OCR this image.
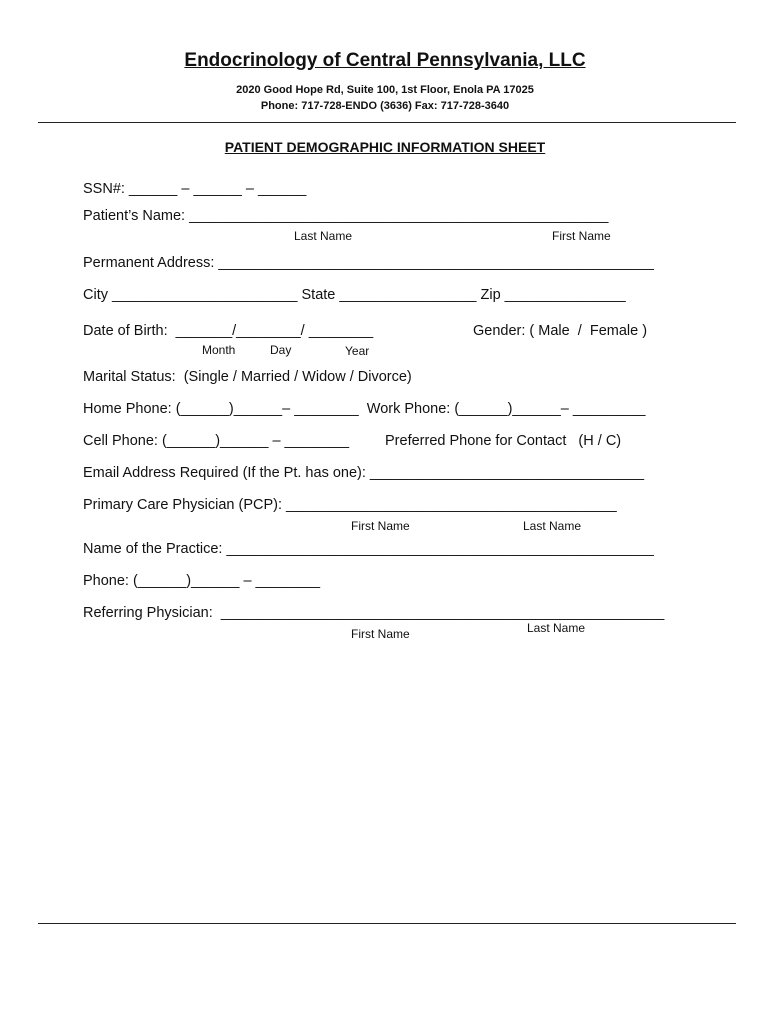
Endocrinology of Central Pennsylvania, LLC
2020 Good Hope Rd, Suite 100, 1st Floor, Enola PA 17025
Phone: 717-728-ENDO (3636) Fax: 717-728-3640
PATIENT DEMOGRAPHIC INFORMATION SHEET
SSN#: ______ – ______ – ______
Patient’s Name: ____________________________________________________
Last Name	First Name
Permanent Address: ______________________________________________________
City _______________________ State _________________ Zip _______________
Date of Birth:  _______/________/ ________	Gender: ( Male  /  Female )
Month	Day	Year
Marital Status:  (Single / Married / Widow / Divorce)
Home Phone: (______)______– ________  Work Phone: (______)______– _________
Cell Phone: (______)______ – ________ Preferred Phone for Contact   (H / C)
Email Address Required (If the Pt. has one): __________________________________
Primary Care Physician (PCP): _________________________________________
First Name	Last Name
Name of the Practice: _____________________________________________________
Phone: (______)______ – ________
Referring Physician:  _______________________________________________________
First Name	Last Name
